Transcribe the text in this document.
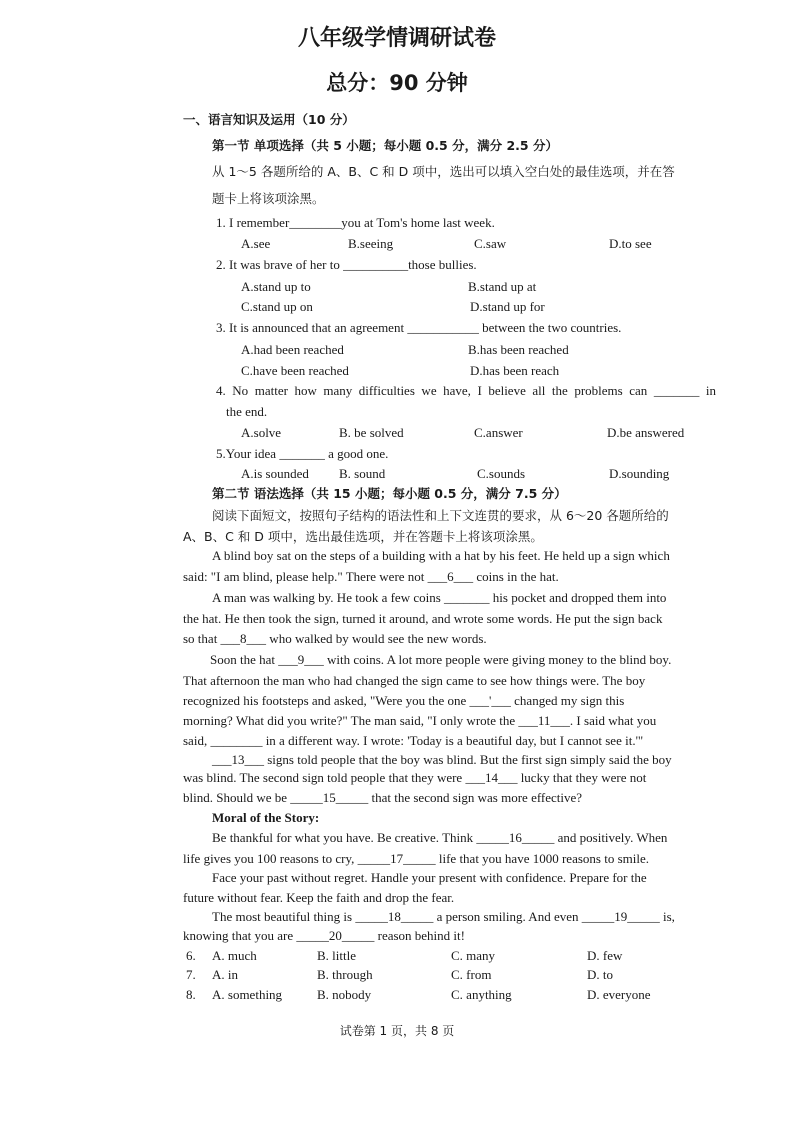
八年级学情调研试卷
总分：90 分钟
一、语言知识及运用（10 分）
第一节 单项选择（共 5 小题；每小题 0.5 分，满分 2.5 分）
从 1～5 各题所给的 A、B、C 和 D 项中，选出可以填入空白处的最佳选项，并在答
题卡上将该项涂黑。
1. I remember________you at Tom's home last week.
A.see	B.seeing	C.saw	D.to see
2. It was brave of her to __________those bullies.
A.stand up to	B.stand up at
C.stand up on	D.stand up for
3. It is announced that an agreement ___________ between the two countries.
A.had been reached	B.has been reached
C.have been reached	D.has been reach
4. No matter how many difficulties we have, I believe all the problems can _______ in
the end.
A.solve	B. be solved	C.answer	D.be answered
5.Your idea _______ a good one.
A.is sounded B. sound	C.sounds	D.sounding
第二节 语法选择（共 15 小题；每小题 0.5 分，满分 7.5 分）
阅读下面短文，按照句子结构的语法性和上下文连贯的要求，从 6～20 各题所给的
A、B、C 和 D 项中，选出最佳选项，并在答题卡上将该项涂黑。
A blind boy sat on the steps of a building with a hat by his feet. He held up a sign which
said: "I am blind, please help." There were not ___6___ coins in the hat.
A man was walking by. He took a few coins _______ his pocket and dropped them into
the hat. He then took the sign, turned it around, and wrote some words. He put the sign back
so that ___8___ who walked by would see the new words.
Soon the hat ___9___ with coins. A lot more people were giving money to the blind boy.
That afternoon the man who had changed the sign came to see how things were. The boy
recognized his footsteps and asked, "Were you the one ___'___ changed my sign this
morning? What did you write?" The man said, "I only wrote the ___11___. I said what you
said, ________ in a different way. I wrote: 'Today is a beautiful day, but I cannot see it.'"
___13___ signs told people that the boy was blind. But the first sign simply said the boy
was blind. The second sign told people that they were ___14___ lucky that they were not
blind. Should we be _____15_____ that the second sign was more effective?
Moral of the Story:
Be thankful for what you have. Be creative. Think _____16_____ and positively. When
life gives you 100 reasons to cry, _____17_____ life that you have 1000 reasons to smile.
Face your past without regret. Handle your present with confidence. Prepare for the
future without fear. Keep the faith and drop the fear.
The most beautiful thing is _____18_____ a person smiling. And even _____19_____ is,
knowing that you are _____20_____ reason behind it!
6. A. much	B. little	C. many	D. few
7. A. in	B. through	C. from	D. to
8. A. something	B. nobody	C. anything	D. everyone
试卷第 1 页，共 8 页
